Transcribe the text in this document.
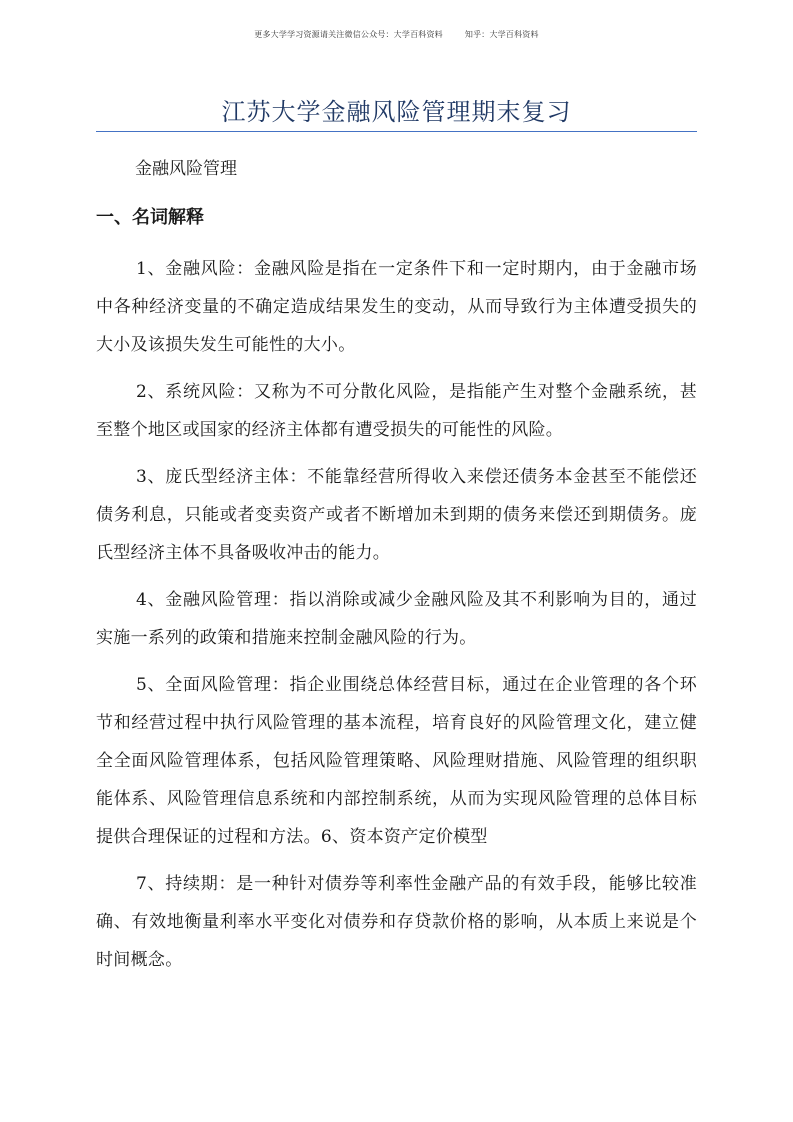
更多大学学习资源请关注微信公众号：大学百科资料	知乎：大学百科资料
江苏大学金融风险管理期末复习
金融风险管理
一、名词解释

1、金融风险：金融风险是指在一定条件下和一定时期内，由于金融市场中各种经济变量的不确定造成结果发生的变动，从而导致行为主体遭受损失的大小及该损失发生可能性的大小。

2、系统风险：又称为不可分散化风险，是指能产生对整个金融系统，甚至整个地区或国家的经济主体都有遭受损失的可能性的风险。

3、庞氏型经济主体：不能靠经营所得收入来偿还债务本金甚至不能偿还债务利息，只能或者变卖资产或者不断增加未到期的债务来偿还到期债务。庞氏型经济主体不具备吸收冲击的能力。

4、金融风险管理：指以消除或减少金融风险及其不利影响为目的，通过实施一系列的政策和措施来控制金融风险的行为。

5、全面风险管理：指企业围绕总体经营目标，通过在企业管理的各个环节和经营过程中执行风险管理的基本流程，培育良好的风险管理文化，建立健全全面风险管理体系，包括风险管理策略、风险理财措施、风险管理的组织职能体系、风险管理信息系统和内部控制系统，从而为实现风险管理的总体目标提供合理保证的过程和方法。6、资本资产定价模型

7、持续期：是一种针对债券等利率性金融产品的有效手段，能够比较准确、有效地衡量利率水平变化对债券和存贷款价格的影响，从本质上来说是个时间概念。
